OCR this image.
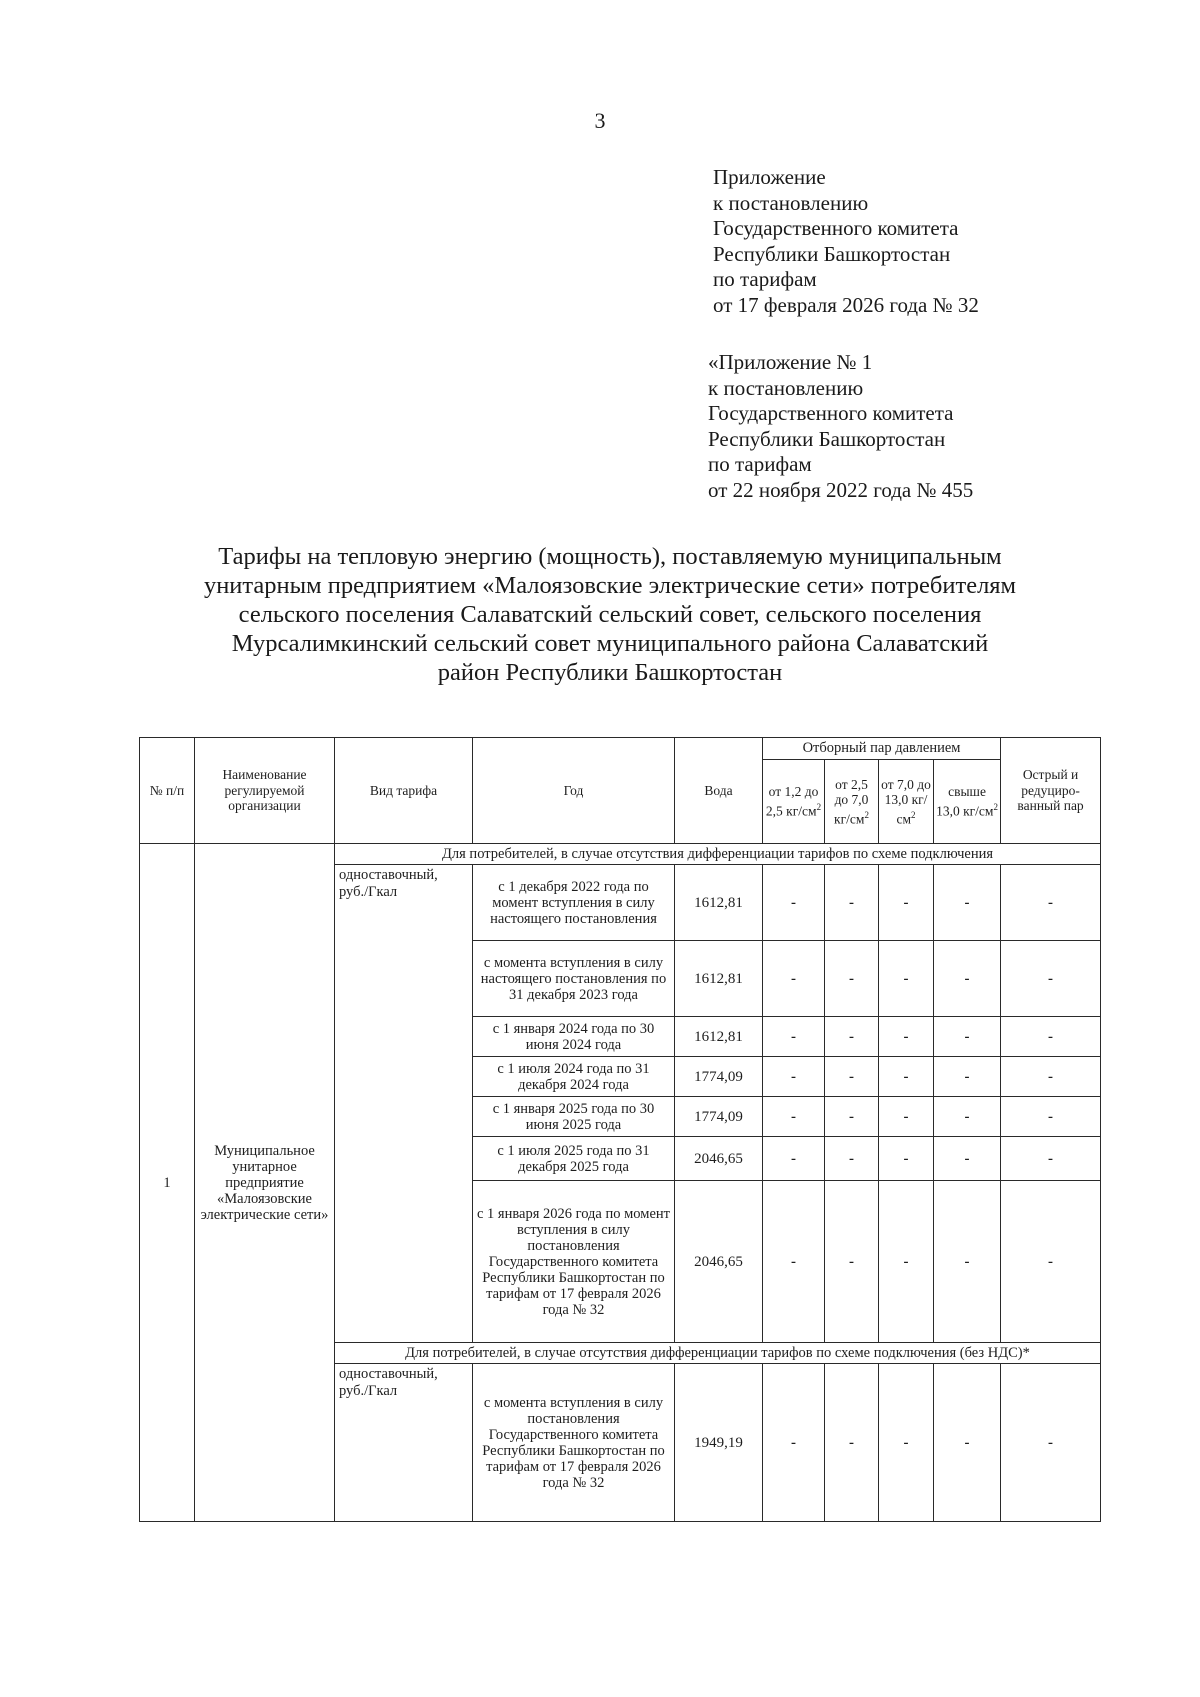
3
Приложение
к постановлению
Государственного комитета
Республики Башкортостан
по тарифам
от 17 февраля 2026 года № 32
«Приложение № 1
к постановлению
Государственного комитета
Республики Башкортостан
по тарифам
от 22 ноября 2022 года № 455
Тарифы на тепловую энергию (мощность), поставляемую муниципальным
унитарным предприятием «Малоязовские электрические сети» потребителям
сельского поселения Салаватский сельский совет, сельского поселения
Мурсалимкинский сельский совет муниципального района Салаватский
район Республики Башкортостан
№ п/п	Наименование регулируемой организации	Вид тарифа	Год	Вода	Отборный пар давлением				Острый и редуциро-ванный пар
					от 1,2 до 2,5 $кг/см^2$	от 2,5 до 7,0 $кг/см^2$	от 7,0 до 13,0 $кг/см^2$	свыше 13,0 $кг/см^2$
1	Муниципальное унитарное предприятие «Малоязовские электрические сети»	Для потребителей, в случае отсутствия дифференциации тарифов по схеме подключения							
		одноставочный, руб./Гкал	с 1 декабря 2022 года по момент вступления в силу настоящего постановления	1612,81	-	-	-	-	-
			с момента вступления в силу настоящего постановления по 31 декабря 2023 года	1612,81	-	-	-	-	-
			с 1 января 2024 года по 30 июня 2024 года	1612,81	-	-	-	-	-
			с 1 июля 2024 года по 31 декабря 2024 года	1774,09	-	-	-	-	-
			с 1 января 2025 года по 30 июня 2025 года	1774,09	-	-	-	-	-
			с 1 июля 2025 года по 31 декабря 2025 года	2046,65	-	-	-	-	-
			с 1 января 2026 года по момент вступления в силу постановления Государственного комитета Республики Башкортостан по тарифам от 17 февраля 2026 года № 32	2046,65	-	-	-	-	-
		Для потребителей, в случае отсутствия дифференциации тарифов по схеме подключения (без НДС)*							
		одноставочный, руб./Гкал	с момента вступления в силу постановления Государственного комитета Республики Башкортостан по тарифам от 17 февраля 2026 года № 32	1949,19	-	-	-	-	-
